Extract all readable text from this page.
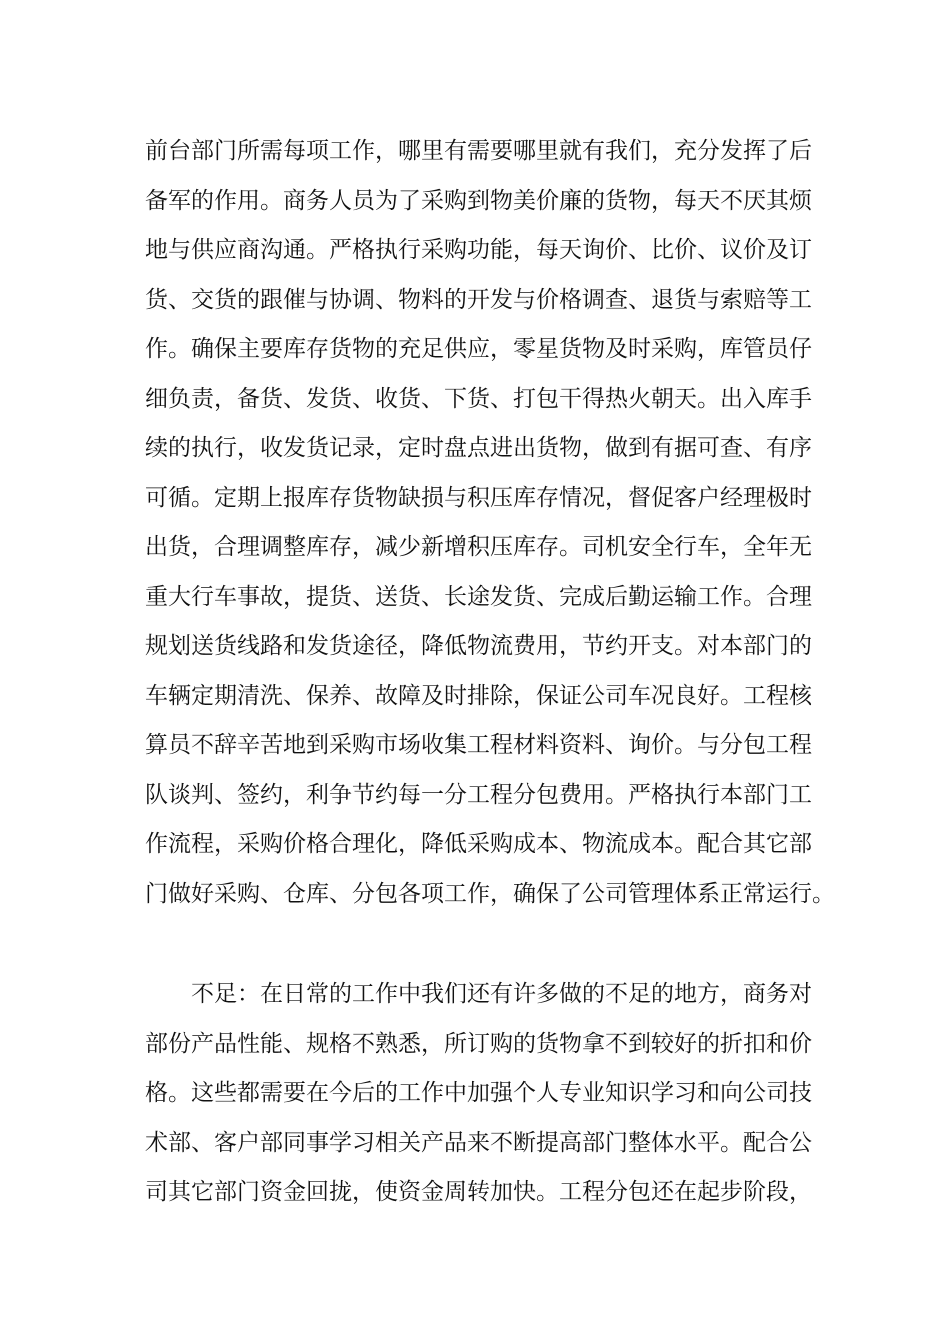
前台部门所需每项工作，哪里有需要哪里就有我们，充分发挥了后
备军的作用。商务人员为了采购到物美价廉的货物，每天不厌其烦
地与供应商沟通。严格执行采购功能，每天询价、比价、议价及订
货、交货的跟催与协调、物料的开发与价格调查、退货与索赔等工
作。确保主要库存货物的充足供应，零星货物及时采购，库管员仔
细负责，备货、发货、收货、下货、打包干得热火朝天。出入库手
续的执行，收发货记录，定时盘点进出货物，做到有据可查、有序
可循。定期上报库存货物缺损与积压库存情况，督促客户经理极时
出货，合理调整库存，减少新增积压库存。司机安全行车，全年无
重大行车事故，提货、送货、长途发货、完成后勤运输工作。合理
规划送货线路和发货途径，降低物流费用，节约开支。对本部门的
车辆定期清洗、保养、故障及时排除，保证公司车况良好。工程核
算员不辞辛苦地到采购市场收集工程材料资料、询价。与分包工程
队谈判、签约，利争节约每一分工程分包费用。严格执行本部门工
作流程，采购价格合理化，降低采购成本、物流成本。配合其它部
门做好采购、仓库、分包各项工作，确保了公司管理体系正常运行。
不足：在日常的工作中我们还有许多做的不足的地方，商务对
部份产品性能、规格不熟悉，所订购的货物拿不到较好的折扣和价
格。这些都需要在今后的工作中加强个人专业知识学习和向公司技
术部、客户部同事学习相关产品来不断提高部门整体水平。配合公
司其它部门资金回拢，使资金周转加快。工程分包还在起步阶段，
